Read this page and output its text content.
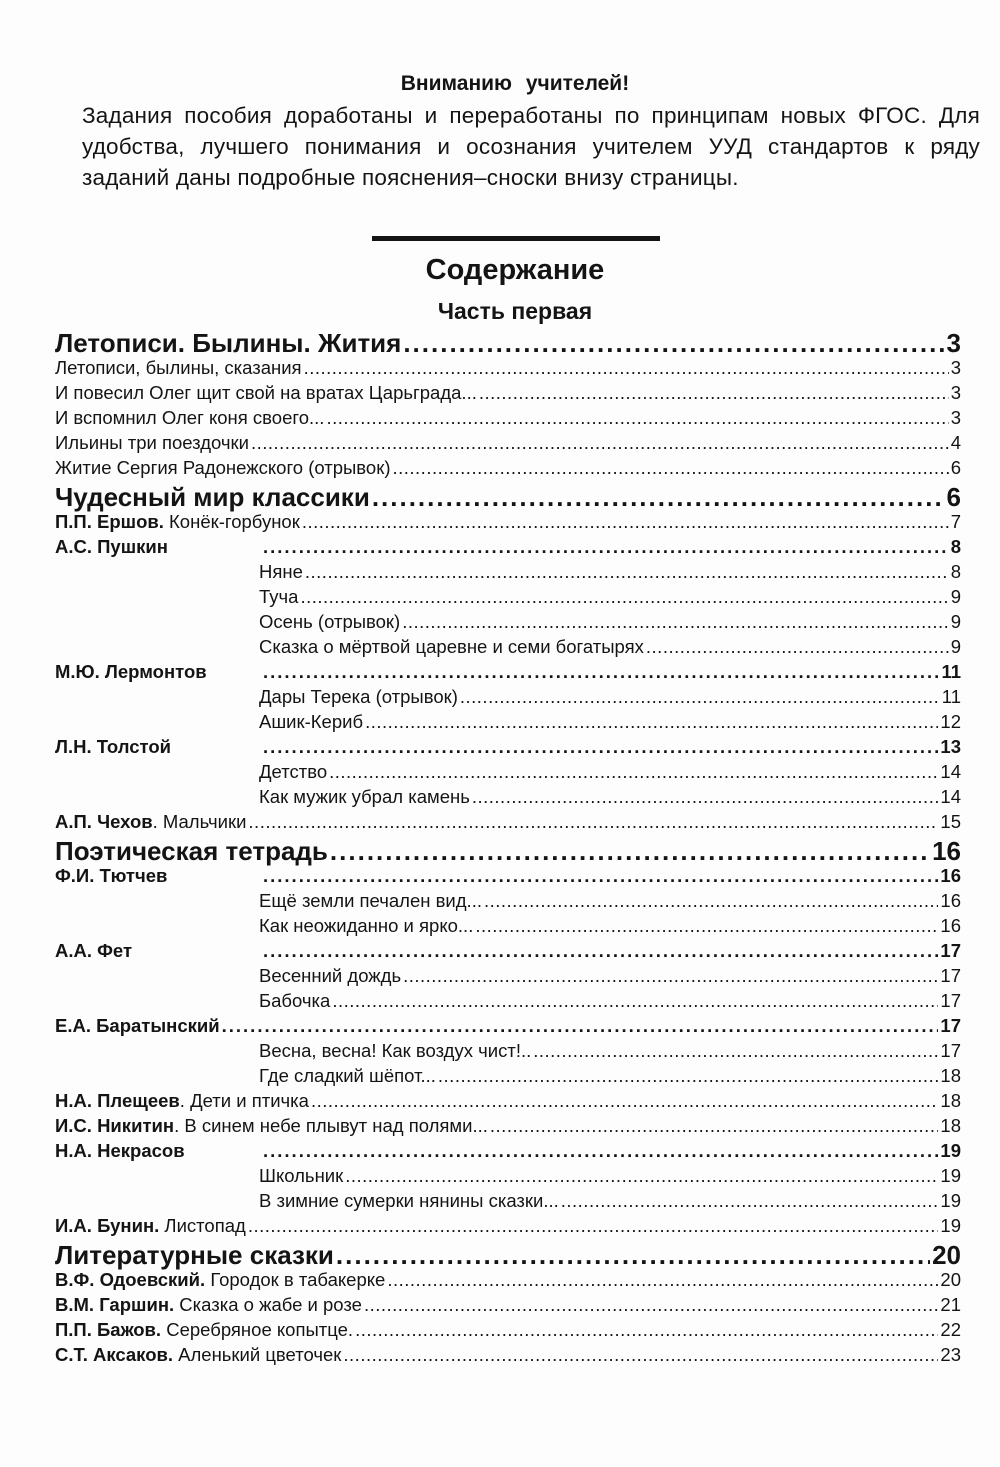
Вниманию учителей!

Задания пособия доработаны и переработаны по принципам новых ФГОС. Для удобства, лучшего понимания и осознания учителем УУД стандартов к ряду заданий даны подробные пояснения–сноски внизу страницы.

Содержание
Часть первая
Летописи. Былины. Жития .....	3
Летописи, былины, сказания .....	3
И повесил Олег щит свой на вратах Царьграда... .....	3
И вспомнил Олег коня своего... .....	3
Ильины три поездочки .....	4
Житие Сергия Радонежского (отрывок) .....	6
Чудесный мир классики .....	6
П.П. Ершов. Конёк-горбунок .....	7
А.С. Пушкин .....	8
Няне .....	8
Туча .....	9
Осень (отрывок) .....	9
Сказка о мёртвой царевне и семи богатырях .....	9
М.Ю. Лермонтов .....	11
Дары Терека (отрывок) .....	11
Ашик-Кериб .....	12
Л.Н. Толстой .....	13
Детство .....	14
Как мужик убрал камень .....	14
А.П. Чехов. Мальчики .....	15
Поэтическая тетрадь .....	16
Ф.И. Тютчев .....	16
Ещё земли печален вид... .....	16
Как неожиданно и ярко... .....	16
А.А. Фет .....	17
Весенний дождь .....	17
Бабочка .....	17
Е.А. Баратынский .....	17
Весна, весна! Как воздух чист!.. .....	17
Где сладкий шёпот... .....	18
Н.А. Плещеев. Дети и птичка .....	18
И.С. Никитин. В синем небе плывут над полями... .....	18
Н.А. Некрасов .....	19
Школьник .....	19
В зимние сумерки нянины сказки... .....	19
И.А. Бунин. Листопад .....	19
Литературные сказки .....	20
В.Ф. Одоевский. Городок в табакерке .....	20
В.М. Гаршин. Сказка о жабе и розе .....	21
П.П. Бажов. Серебряное копытце. .....	22
С.Т. Аксаков. Аленький цветочек .....	23
